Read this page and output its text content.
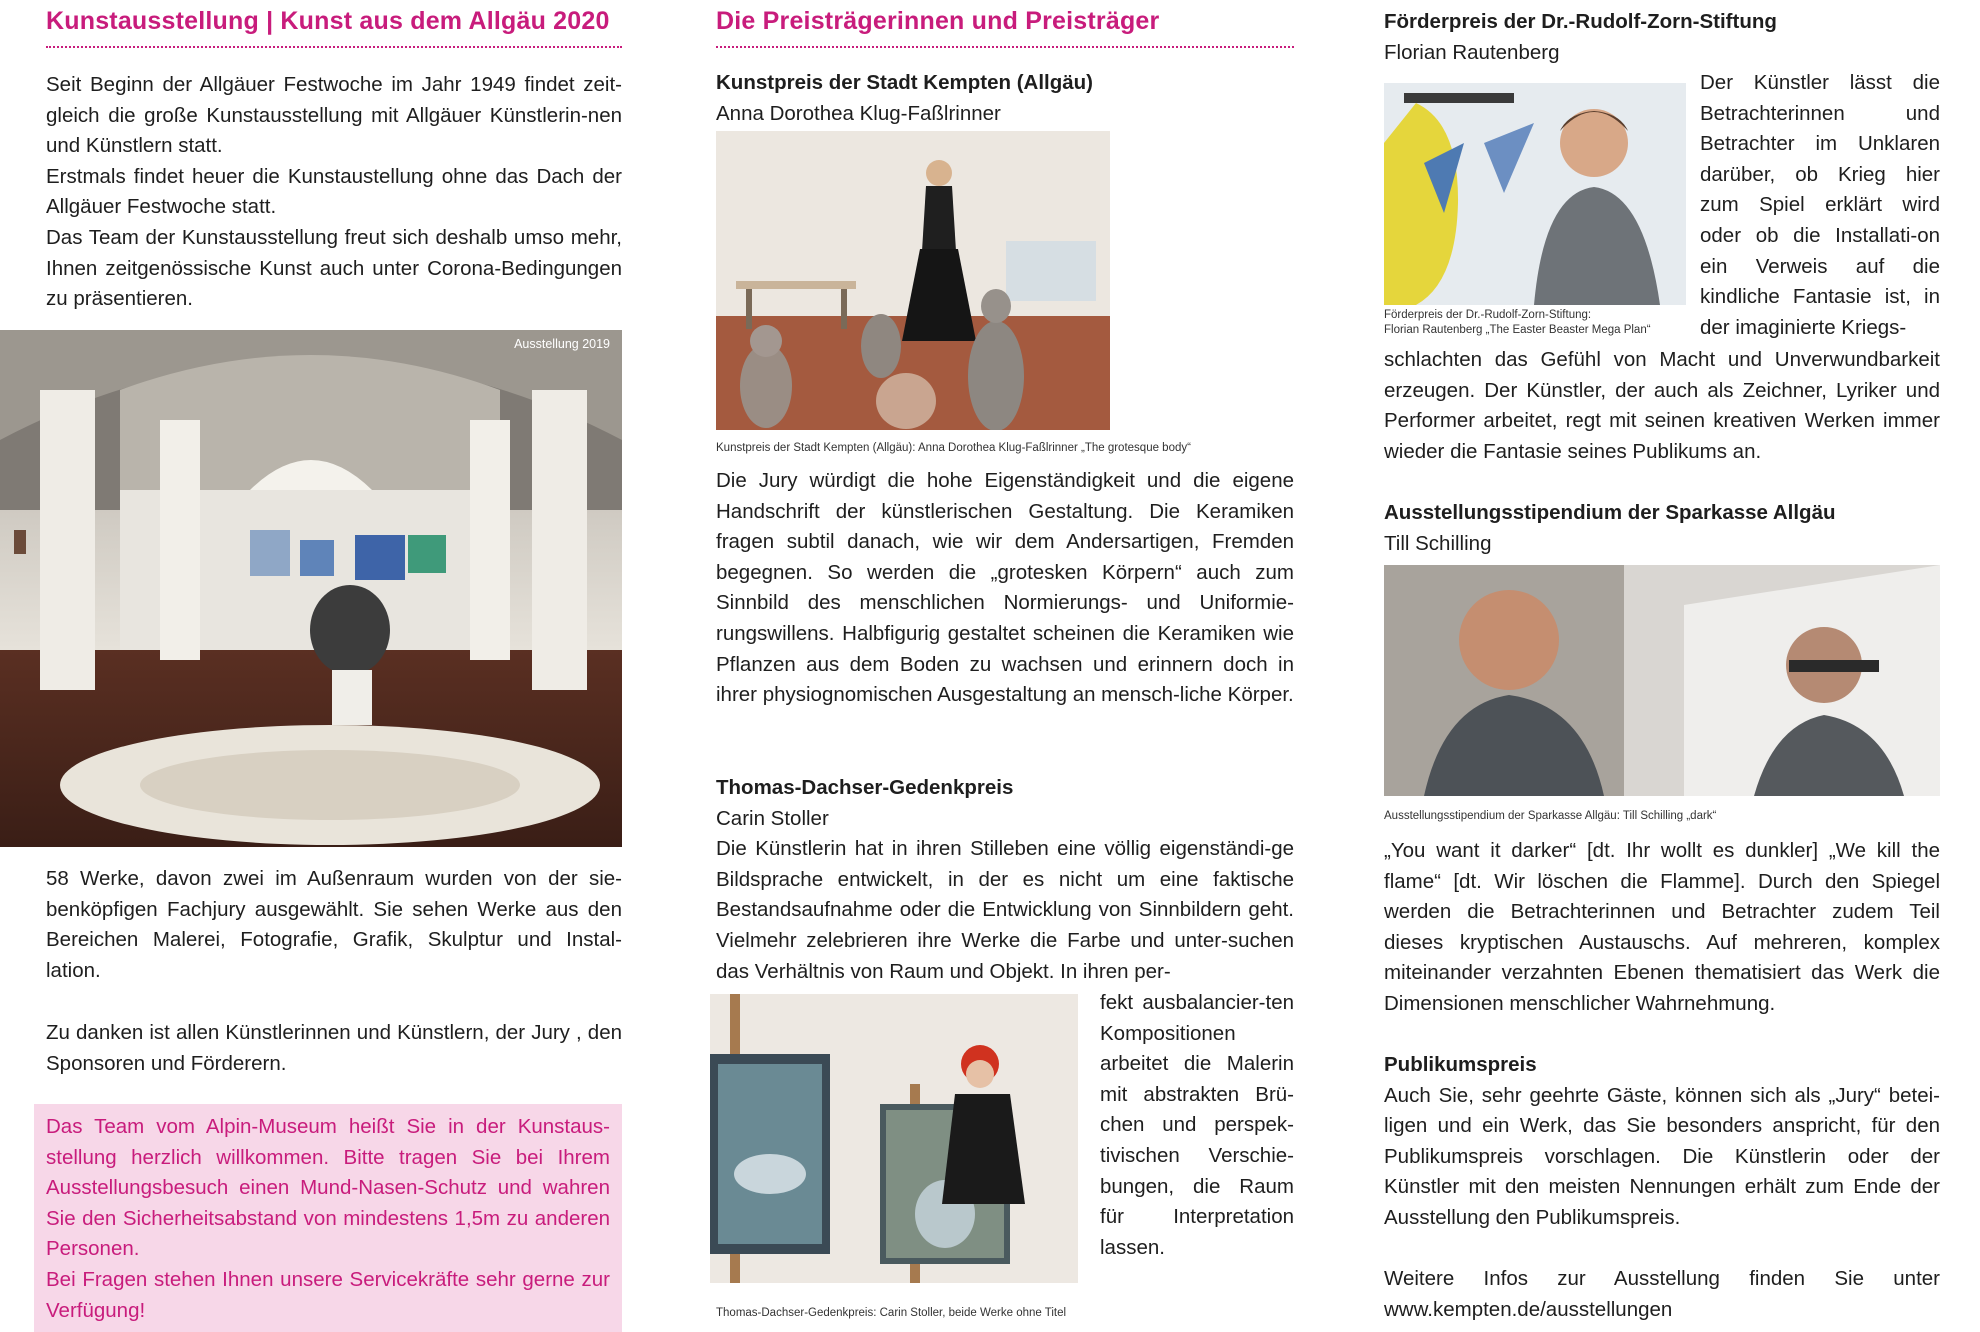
Kunstausstellung | Kunst aus dem Allgäu 2020

Seit Beginn der Allgäuer Festwoche im Jahr 1949 findet zeit-gleich die große Kunstausstellung mit Allgäuer Künstlerin-nen und Künstlern statt.

Erstmals findet heuer die Kunstaustellung ohne das Dach der Allgäuer Festwoche statt.

Das Team der Kunstausstellung freut sich deshalb umso mehr, Ihnen zeitgenössische Kunst auch unter Corona-Bedingungen zu präsentieren.

Ausstellung 2019

58 Werke, davon zwei im Außenraum wurden von der sie-benköpfigen Fachjury ausgewählt. Sie sehen Werke aus den Bereichen Malerei, Fotografie, Grafik, Skulptur und Instal-lation.

Zu danken ist allen Künstlerinnen und Künstlern, der Jury , den Sponsoren und Förderern.

Das Team vom Alpin-Museum heißt Sie in der Kunstaus-stellung herzlich willkommen. Bitte tragen Sie bei Ihrem Ausstellungsbesuch einen Mund-Nasen-Schutz und wahren Sie den Sicherheitsabstand von mindestens 1,5m zu anderen Personen.

Bei Fragen stehen Ihnen unsere Servicekräfte sehr gerne zur Verfügung!

Die Preisträgerinnen und Preisträger
Kunstpreis der Stadt Kempten (Allgäu)

Anna Dorothea Klug-Faßlrinner

Kunstpreis der Stadt Kempten (Allgäu): Anna Dorothea Klug-Faßlrinner „The grotesque body“

Die Jury würdigt die hohe Eigenständigkeit und die eigene Handschrift der künstlerischen Gestaltung. Die Keramiken fragen subtil danach, wie wir dem Andersartigen, Fremden begegnen. So werden die „grotesken Körpern“ auch zum Sinnbild des menschlichen Normierungs- und Uniformie-rungswillens. Halbfigurig gestaltet scheinen die Keramiken wie Pflanzen aus dem Boden zu wachsen und erinnern doch in ihrer physiognomischen Ausgestaltung an mensch-liche Körper.

Thomas-Dachser-Gedenkpreis

Carin Stoller

Die Künstlerin hat in ihren Stilleben eine völlig eigenständi-ge Bildsprache entwickelt, in der es nicht um eine faktische Bestandsaufnahme oder die Entwicklung von Sinnbildern geht. Vielmehr zelebrieren ihre Werke die Farbe und unter-suchen das Verhältnis von Raum und Objekt. In ihren per-

fekt ausbalancier-ten Kompositionen arbeitet die Malerin mit abstrakten Brü-chen und perspek-tivischen Verschie-bungen, die Raum für Interpretation lassen.

Thomas-Dachser-Gedenkpreis: Carin Stoller, beide Werke ohne Titel

Förderpreis der Dr.-Rudolf-Zorn-Stiftung

Florian Rautenberg

Förderpreis der Dr.-Rudolf-Zorn-Stiftung:
Florian Rautenberg „The Easter Beaster Mega Plan“

Der Künstler lässt die Betrachterinnen und Betrachter im Unklaren darüber, ob Krieg hier zum Spiel erklärt wird oder ob die Installati-on ein Verweis auf die kindliche Fantasie ist, in der imaginierte Kriegs-

schlachten das Gefühl von Macht und Unverwundbarkeit erzeugen. Der Künstler, der auch als Zeichner, Lyriker und Performer arbeitet, regt mit seinen kreativen Werken immer wieder die Fantasie seines Publikums an.

Ausstellungsstipendium der Sparkasse Allgäu

Till Schilling

Ausstellungsstipendium der Sparkasse Allgäu: Till Schilling „dark“

„You want it darker“ [dt. Ihr wollt es dunkler] „We kill the flame“ [dt. Wir löschen die Flamme]. Durch den Spiegel werden die Betrachterinnen und Betrachter zudem Teil dieses kryptischen Austauschs. Auf mehreren, komplex miteinander verzahnten Ebenen thematisiert das Werk die Dimensionen menschlicher Wahrnehmung.

Publikumspreis

Auch Sie, sehr geehrte Gäste, können sich als „Jury“ betei-ligen und ein Werk, das Sie besonders anspricht, für den Publikumspreis vorschlagen. Die Künstlerin oder der Künstler mit den meisten Nennungen erhält zum Ende der Ausstellung den Publikumspreis.

Weitere Infos zur Ausstellung finden Sie unter

www.kempten.de/ausstellungen
